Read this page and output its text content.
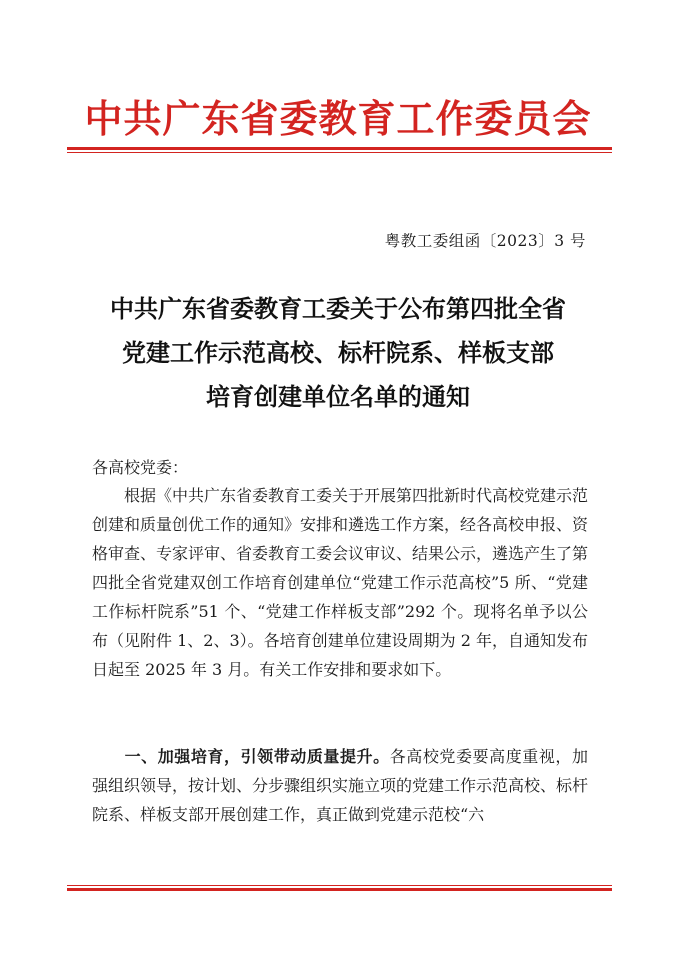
中共广东省委教育工作委员会
粤教工委组函〔2023〕3 号
中共广东省委教育工委关于公布第四批全省
党建工作示范高校、标杆院系、样板支部
培育创建单位名单的通知
各高校党委：
根据《中共广东省委教育工委关于开展第四批新时代高校党建示范创建和质量创优工作的通知》安排和遴选工作方案，经各高校申报、资格审查、专家评审、省委教育工委会议审议、结果公示，遴选产生了第四批全省党建双创工作培育创建单位“党建工作示范高校”5 所、“党建工作标杆院系”51 个、“党建工作样板支部”292 个。现将名单予以公布（见附件 1、2、3）。各培育创建单位建设周期为 2 年，自通知发布日起至 2025 年 3 月。有关工作安排和要求如下。
一、加强培育，引领带动质量提升。各高校党委要高度重视，加强组织领导，按计划、分步骤组织实施立项的党建工作示范高校、标杆院系、样板支部开展创建工作，真正做到党建示范校“六
